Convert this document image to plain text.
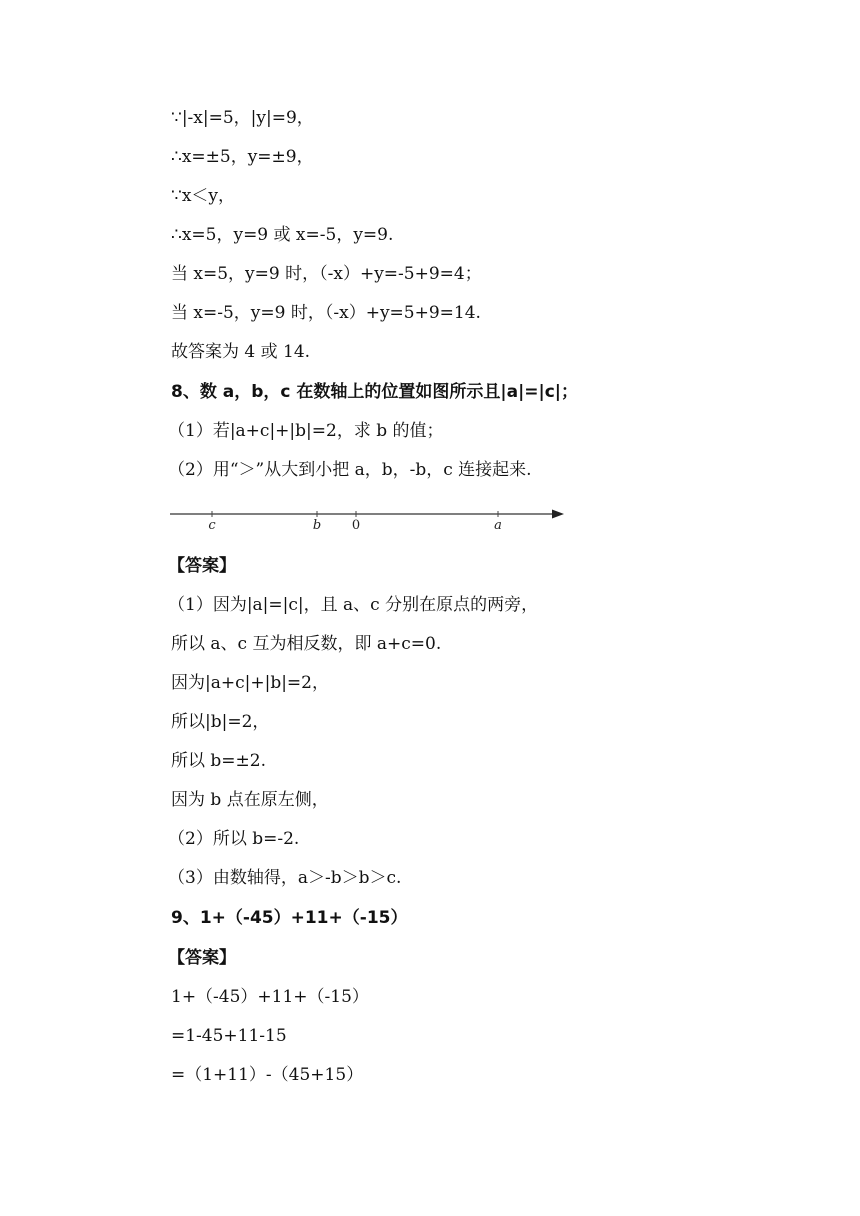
∵|-x|=5，|y|=9，
∴x=±5，y=±9，
∵x＜y，
∴x=5，y=9 或 x=-5，y=9.
当 x=5，y=9 时，（-x）+y=-5+9=4；
当 x=-5，y=9 时，（-x）+y=5+9=14.
故答案为 4 或 14.
8、数 a，b，c 在数轴上的位置如图所示且|a|=|c|；
（1）若|a+c|+|b|=2，求 b 的值；
（2）用“＞”从大到小把 a，b，-b，c 连接起来.
c	b 0	a
【答案】
（1）因为|a|=|c|，且 a、c 分别在原点的两旁，
所以 a、c 互为相反数，即 a+c=0.
因为|a+c|+|b|=2，
所以|b|=2，
所以 b=±2.
因为 b 点在原左侧，
（2）所以 b=-2.
（3）由数轴得，a＞-b＞b＞c.
9、1+（-45）+11+（-15）
【答案】
1+（-45）+11+（-15）
=1-45+11-15
=（1+11）-（45+15）
